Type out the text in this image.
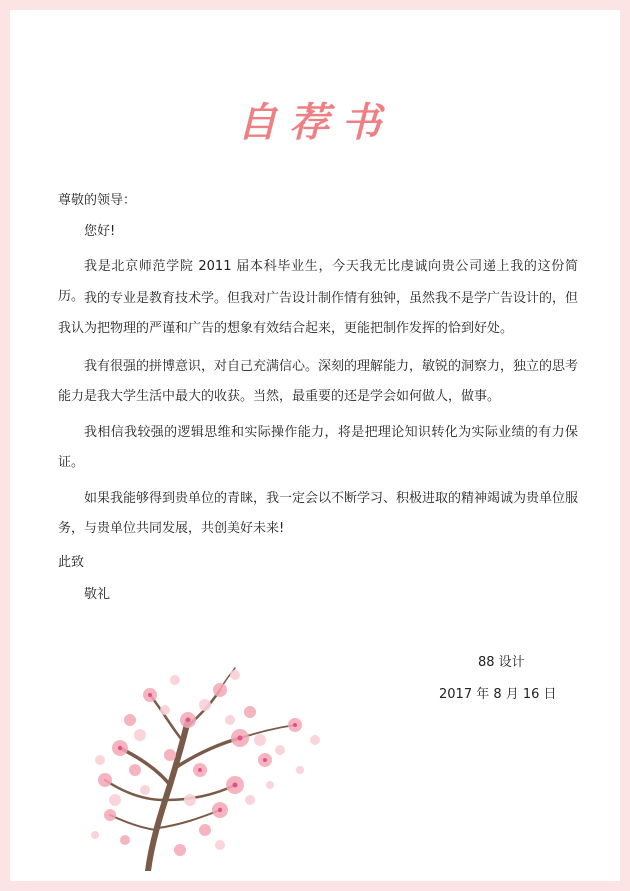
自荐书
尊敬的领导：
您好!
我是北京师范学院 2011 届本科毕业生，今天我无比虔诚向贵公司递上我的这份简历。 我的专业是教育技术学。但我对广告设计制作情有独钟，虽然我不是学广告设计的，但我认为把物理的严谨和广告的想象有效结合起来，更能把制作发挥的恰到好处。
我有很强的拼博意识，对自己充满信心。深刻的理解能力，敏锐的洞察力，独立的思考能力是我大学生活中最大的收获。当然，最重要的还是学会如何做人，做事。
我相信我较强的逻辑思维和实际操作能力，将是把理论知识转化为实际业绩的有力保证。
如果我能够得到贵单位的青睐，我一定会以不断学习、积极进取的精神竭诚为贵单位服务，与贵单位共同发展，共创美好未来!
此致
敬礼
88 设计
2017 年 8 月 16 日
